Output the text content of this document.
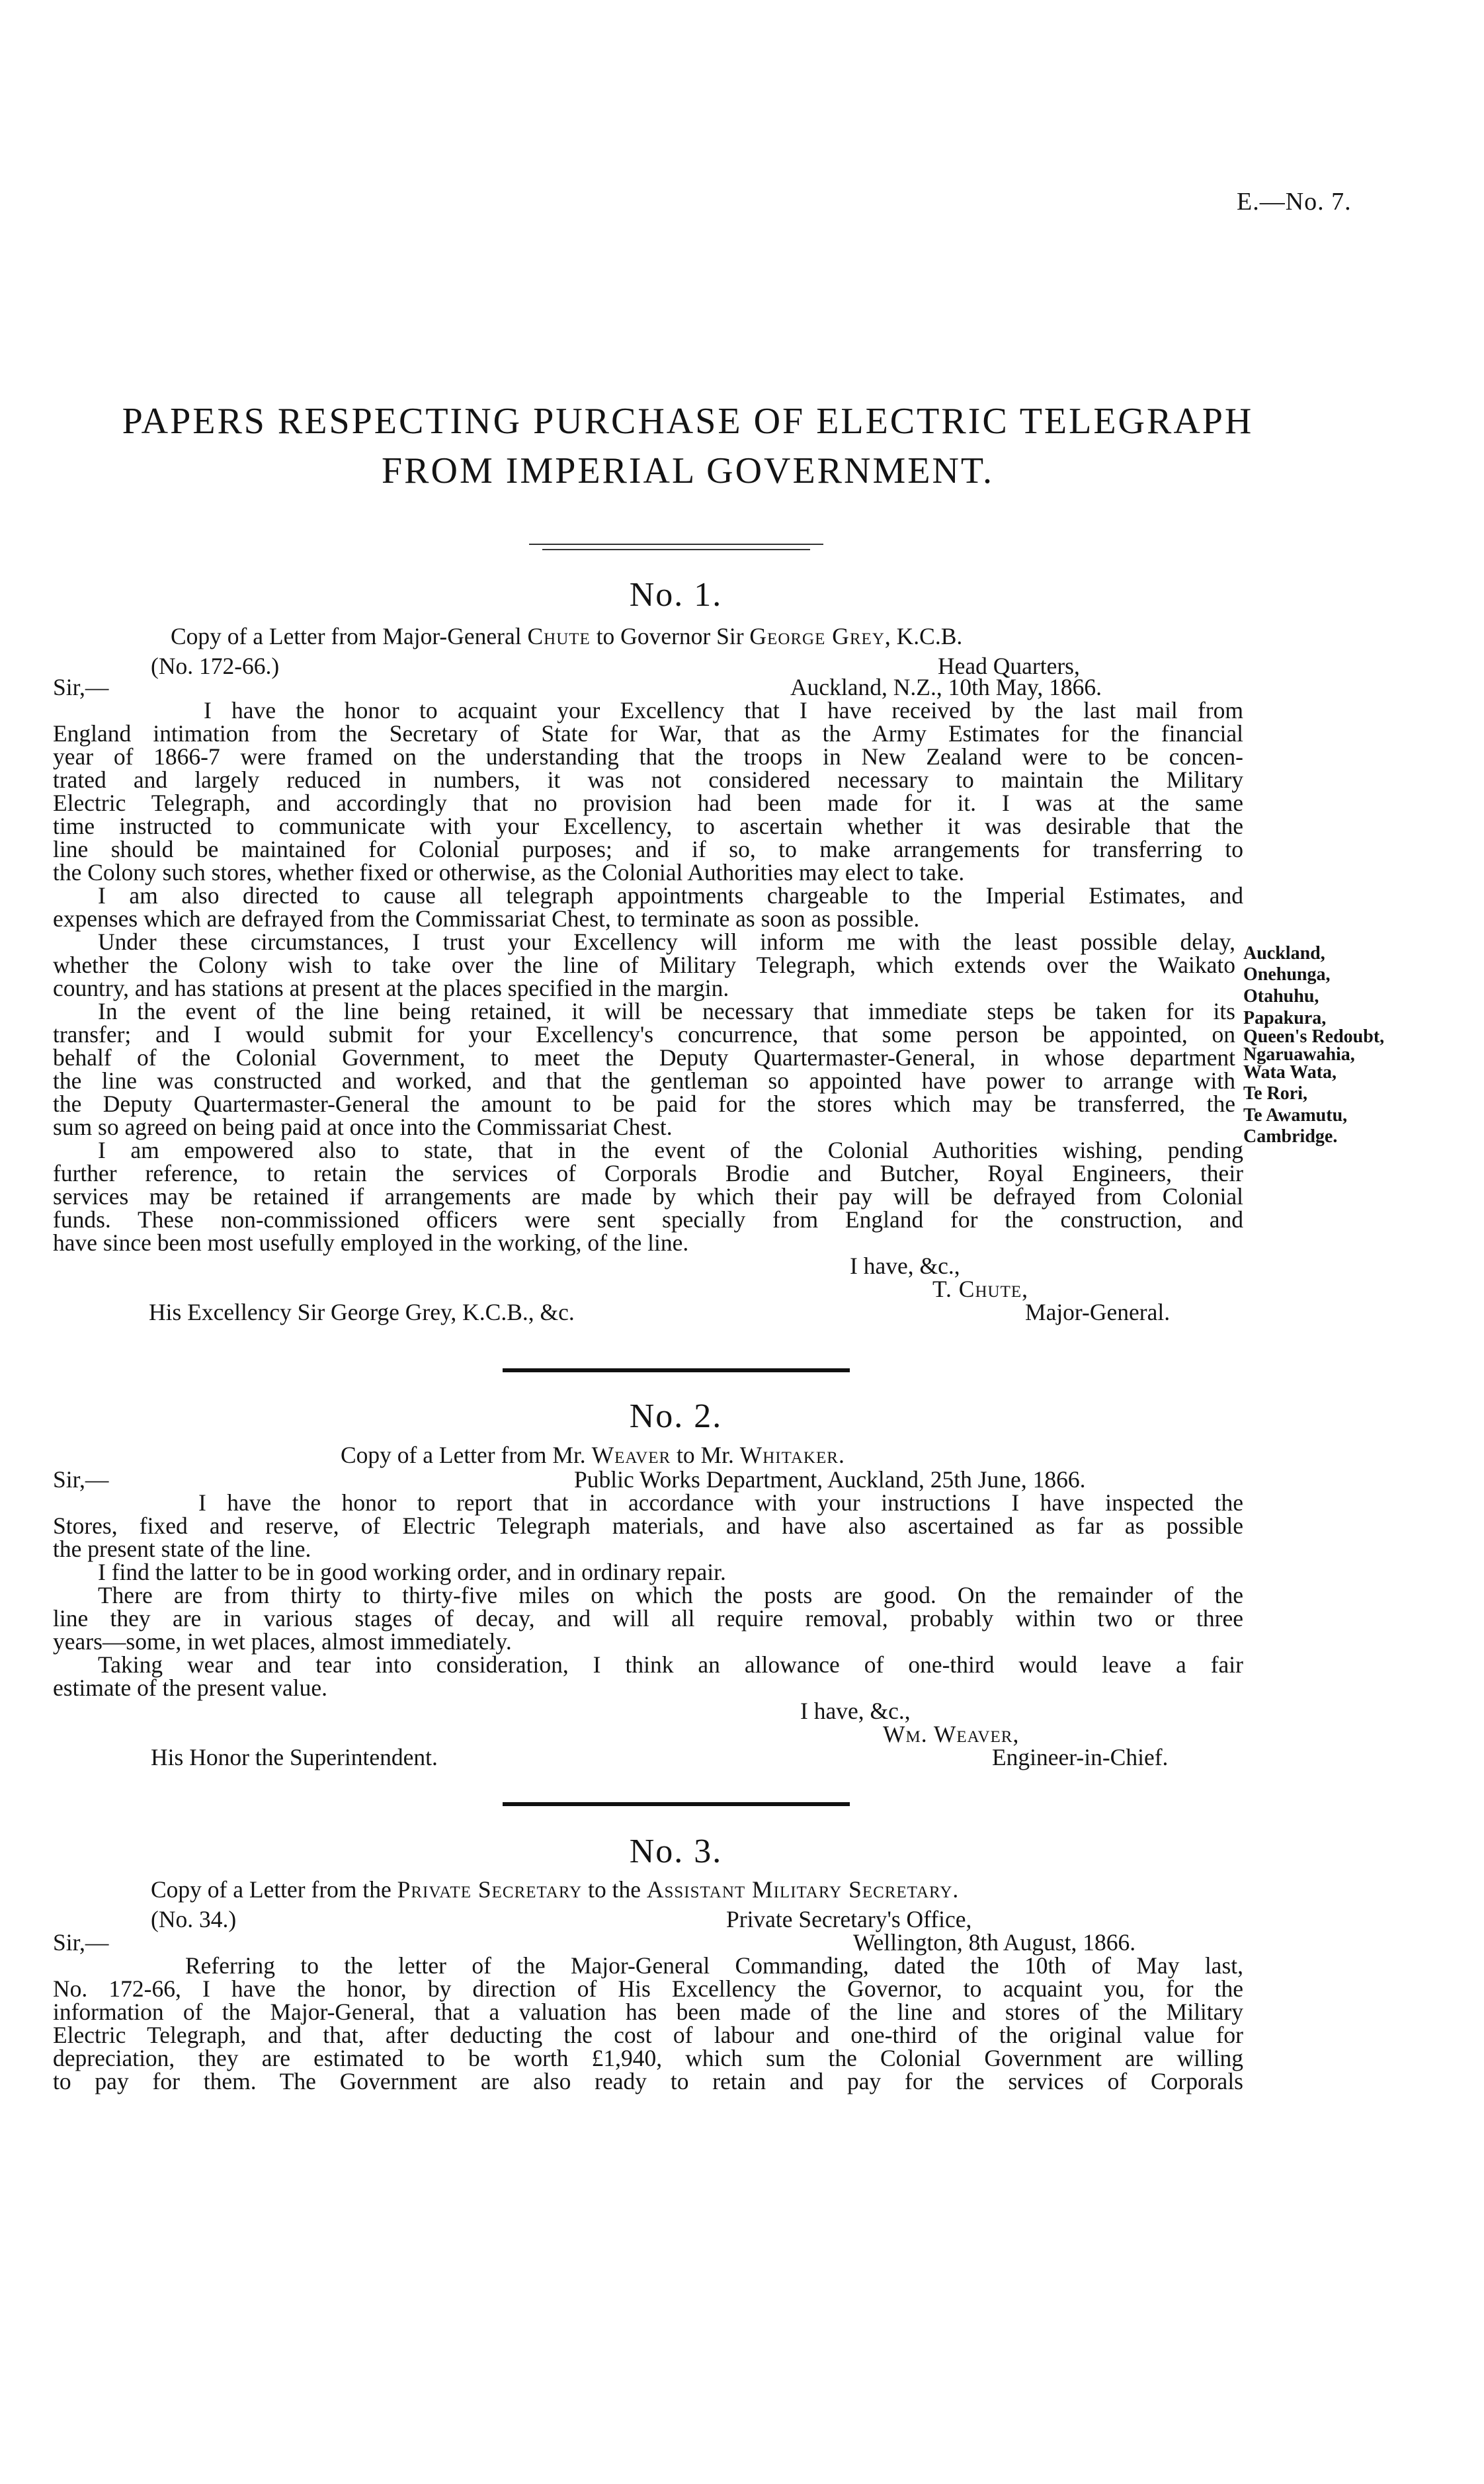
E.—No. 7.
PAPERS RESPECTING PURCHASE OF ELECTRIC TELEGRAPH
FROM IMPERIAL GOVERNMENT.
No. 1.
Copy of a Letter from Major-General Chute to Governor Sir George Grey, K.C.B.
(No. 172-66.)	Head Quarters,
Sir,—	Auckland, N.Z., 10th May, 1866.
I have the honor to acquaint your Excellency that I have received by the last mail from
England intimation from the Secretary of State for War, that as the Army Estimates for the financial
year of 1866-7 were framed on the understanding that the troops in New Zealand were to be concen-
trated and largely reduced in numbers, it was not considered necessary to maintain the Military
Electric Telegraph, and accordingly that no provision had been made for it. I was at the same
time instructed to communicate with your Excellency, to ascertain whether it was desirable that the
line should be maintained for Colonial purposes; and if so, to make arrangements for transferring to
the Colony such stores, whether fixed or otherwise, as the Colonial Authorities may elect to take.
I am also directed to cause all telegraph appointments chargeable to the Imperial Estimates, and
expenses which are defrayed from the Commissariat Chest, to terminate as soon as possible.
Under these circumstances, I trust your Excellency will inform me with the least possible delay,
whether the Colony wish to take over the line of Military Telegraph, which extends over the Waikato
country, and has stations at present at the places specified in the margin.
In the event of the line being retained, it will be necessary that immediate steps be taken for its
transfer; and I would submit for your Excellency's concurrence, that some person be appointed, on
behalf of the Colonial Government, to meet the Deputy Quartermaster-General, in whose department
the line was constructed and worked, and that the gentleman so appointed have power to arrange with
the Deputy Quartermaster-General the amount to be paid for the stores which may be transferred, the
sum so agreed on being paid at once into the Commissariat Chest.
I am empowered also to state, that in the event of the Colonial Authorities wishing, pending
further reference, to retain the services of Corporals Brodie and Butcher, Royal Engineers, their
services may be retained if arrangements are made by which their pay will be defrayed from Colonial
funds. These non-commissioned officers were sent specially from England for the construction, and
have since been most usefully employed in the working, of the line.
Auckland,
Onehunga,
Otahuhu,
Papakura,
Queen's Redoubt,
Ngaruawahia,
Wata Wata,
Te Rori,
Te Awamutu,
Cambridge.
I have, &c.,
T. Chute,
His Excellency Sir George Grey, K.C.B., &c.	Major-General.
No. 2.
Copy of a Letter from Mr. Weaver to Mr. Whitaker.
Sir,—	Public Works Department, Auckland, 25th June, 1866.
I have the honor to report that in accordance with your instructions I have inspected the
Stores, fixed and reserve, of Electric Telegraph materials, and have also ascertained as far as possible
the present state of the line.
I find the latter to be in good working order, and in ordinary repair.
There are from thirty to thirty-five miles on which the posts are good. On the remainder of the
line they are in various stages of decay, and will all require removal, probably within two or three
years—some, in wet places, almost immediately.
Taking wear and tear into consideration, I think an allowance of one-third would leave a fair
estimate of the present value.
I have, &c.,
Wm. Weaver,
His Honor the Superintendent.	Engineer-in-Chief.
No. 3.
Copy of a Letter from the Private Secretary to the Assistant Military Secretary.
(No. 34.)	Private Secretary's Office,
Sir,—	Wellington, 8th August, 1866.
Referring to the letter of the Major-General Commanding, dated the 10th of May last,
No. 172-66, I have the honor, by direction of His Excellency the Governor, to acquaint you, for the
information of the Major-General, that a valuation has been made of the line and stores of the Military
Electric Telegraph, and that, after deducting the cost of labour and one-third of the original value for
depreciation, they are estimated to be worth £1,940, which sum the Colonial Government are willing
to pay for them. The Government are also ready to retain and pay for the services of Corporals
